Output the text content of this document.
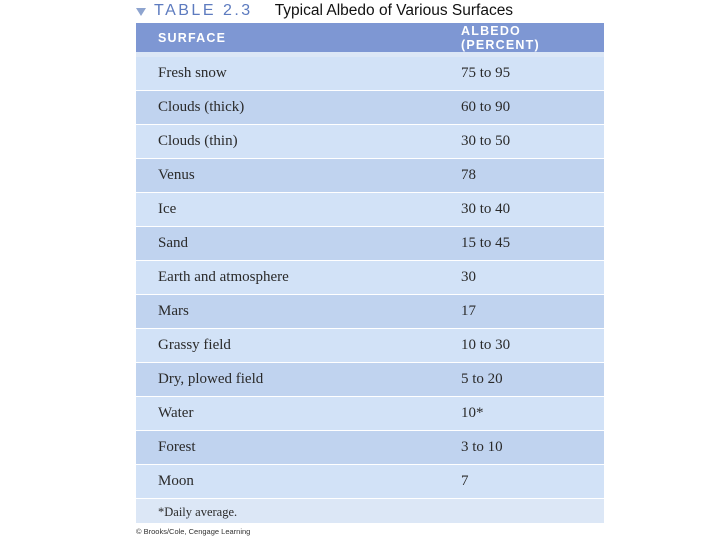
TABLE 2.3 Typical Albedo of Various Surfaces
SURFACE	ALBEDO (PERCENT)
Fresh snow	75 to 95
Clouds (thick)	60 to 90
Clouds (thin)	30 to 50
Venus	78
Ice	30 to 40
Sand	15 to 45
Earth and atmosphere	30
Mars	17
Grassy field	10 to 30
Dry, plowed field	5 to 20
Water	10*
Forest	3 to 10
Moon	7
*Daily average.
© Brooks/Cole, Cengage Learning
